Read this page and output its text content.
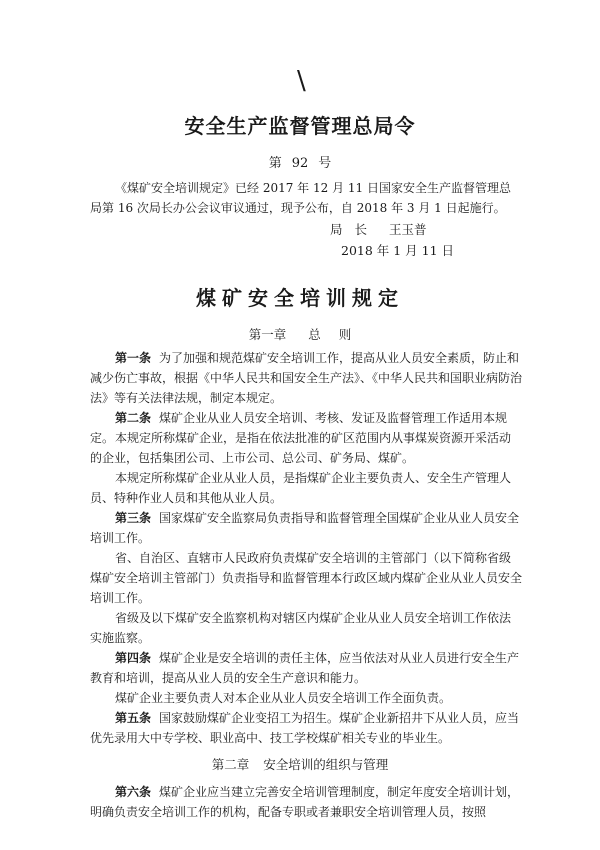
\
安全生产监督管理总局令
第 92 号
《煤矿安全培训规定》已经 2017 年 12 月 11 日国家安全生产监督管理总局第 16 次局长办公会议审议通过，现予公布，自 2018 年 3 月 1 日起施行。
局长 王玉普
2018 年 1 月 11 日
煤矿安全培训规定
第一章 总 则
第一条 为了加强和规范煤矿安全培训工作，提高从业人员安全素质，防止和减少伤亡事故，根据《中华人民共和国安全生产法》、《中华人民共和国职业病防治法》等有关法律法规，制定本规定。
第二条 煤矿企业从业人员安全培训、考核、发证及监督管理工作适用本规定。 本规定所称煤矿企业，是指在依法批准的矿区范围内从事煤炭资源开采活动的企业，包括集团公司、上市公司、总公司、矿务局、煤矿。
本规定所称煤矿企业从业人员，是指煤矿企业主要负责人、安全生产管理人员、特种作业人员和其他从业人员。
第三条 国家煤矿安全监察局负责指导和监督管理全国煤矿企业从业人员安全培训工作。
省、自治区、直辖市人民政府负责煤矿安全培训的主管部门（以下简称省级煤矿安全培训主管部门）负责指导和监督管理本行政区域内煤矿企业从业人员安全培训工作。
省级及以下煤矿安全监察机构对辖区内煤矿企业从业人员安全培训工作依法实施监察。
第四条 煤矿企业是安全培训的责任主体，应当依法对从业人员进行安全生产教育和培训，提高从业人员的安全生产意识和能力。
第二章 安全培训的组织与管理
煤矿企业主要负责人对本企业从业人员安全培训工作全面负责。
第五条 国家鼓励煤矿企业变招工为招生。煤矿企业新招井下从业人员，应当优先录用大中专学校、职业高中、技工学校煤矿相关专业的毕业生。
第六条 煤矿企业应当建立完善安全培训管理制度，制定年度安全培训计划，明确负责安全培训工作的机构，配备专职或者兼职安全培训管理人员，按照
